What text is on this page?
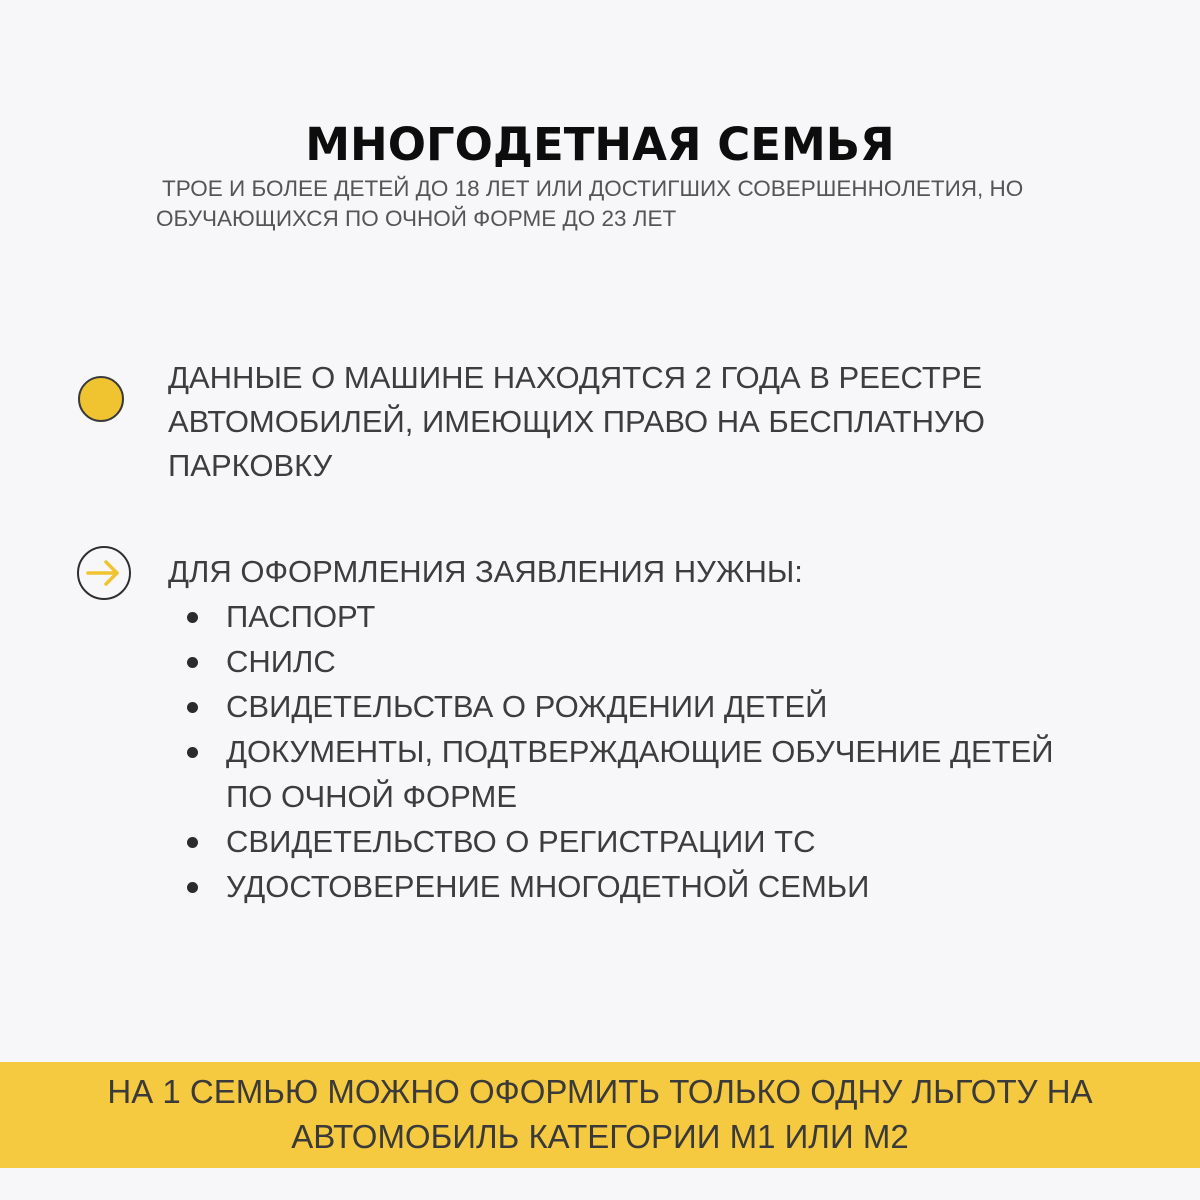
МНОГОДЕТНАЯ СЕМЬЯ

ТРОЕ И БОЛЕЕ ДЕТЕЙ ДО 18 ЛЕТ ИЛИ ДОСТИГШИХ СОВЕРШЕННОЛЕТИЯ, НО
ОБУЧАЮЩИХСЯ ПО ОЧНОЙ ФОРМЕ ДО 23 ЛЕТ

ДАННЫЕ О МАШИНЕ НАХОДЯТСЯ 2 ГОДА В РЕЕСТРЕ
АВТОМОБИЛЕЙ, ИМЕЮЩИХ ПРАВО НА БЕСПЛАТНУЮ
ПАРКОВКУ

ДЛЯ ОФОРМЛЕНИЯ ЗАЯВЛЕНИЯ НУЖНЫ:

ПАСПОРТ
СНИЛС
СВИДЕТЕЛЬСТВА О РОЖДЕНИИ ДЕТЕЙ
ДОКУМЕНТЫ, ПОДТВЕРЖДАЮЩИЕ ОБУЧЕНИЕ ДЕТЕЙ
ПО ОЧНОЙ ФОРМЕ
СВИДЕТЕЛЬСТВО О РЕГИСТРАЦИИ ТС
УДОСТОВЕРЕНИЕ МНОГОДЕТНОЙ СЕМЬИ

НА 1 СЕМЬЮ МОЖНО ОФОРМИТЬ ТОЛЬКО ОДНУ ЛЬГОТУ НА
АВТОМОБИЛЬ КАТЕГОРИИ М1 ИЛИ М2
